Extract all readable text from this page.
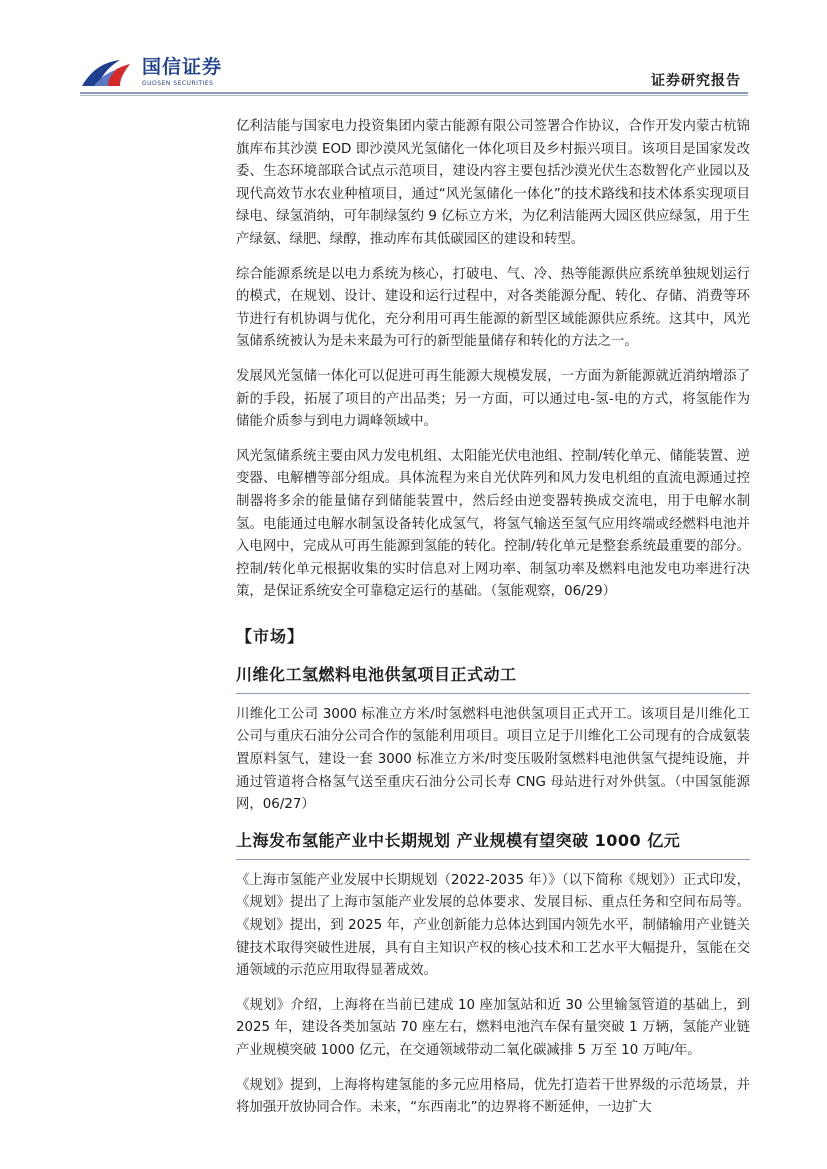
国信证券
GUOSEN SECURITIES	证券研究报告

亿利洁能与国家电力投资集团内蒙古能源有限公司签署合作协议，合作开发内蒙古杭锦旗库布其沙漠 EOD 即沙漠风光氢储化一体化项目及乡村振兴项目。该项目是国家发改委、生态环境部联合试点示范项目，建设内容主要包括沙漠光伏生态数智化产业园以及现代高效节水农业种植项目，通过“风光氢储化一体化”的技术路线和技术体系实现项目绿电、绿氢消纳，可年制绿氢约 9 亿标立方米，为亿利洁能两大园区供应绿氢，用于生产绿氨、绿肥、绿醇，推动库布其低碳园区的建设和转型。

综合能源系统是以电力系统为核心，打破电、气、冷、热等能源供应系统单独规划运行的模式，在规划、设计、建设和运行过程中，对各类能源分配、转化、存储、消费等环节进行有机协调与优化，充分利用可再生能源的新型区域能源供应系统。这其中，风光氢储系统被认为是未来最为可行的新型能量储存和转化的方法之一。

发展风光氢储一体化可以促进可再生能源大规模发展，一方面为新能源就近消纳增添了新的手段，拓展了项目的产出品类；另一方面，可以通过电-氢-电的方式，将氢能作为储能介质参与到电力调峰领域中。

风光氢储系统主要由风力发电机组、太阳能光伏电池组、控制/转化单元、储能装置、逆变器、电解槽等部分组成。具体流程为来自光伏阵列和风力发电机组的直流电源通过控制器将多余的能量储存到储能装置中，然后经由逆变器转换成交流电，用于电解水制氢。电能通过电解水制氢设备转化成氢气，将氢气输送至氢气应用终端或经燃料电池并入电网中，完成从可再生能源到氢能的转化。控制/转化单元是整套系统最重要的部分。控制/转化单元根据收集的实时信息对上网功率、制氢功率及燃料电池发电功率进行决策，是保证系统安全可靠稳定运行的基础。（氢能观察，06/29）

【市场】
川维化工氢燃料电池供氢项目正式动工

川维化工公司 3000 标准立方米/时氢燃料电池供氢项目正式开工。该项目是川维化工公司与重庆石油分公司合作的氢能利用项目。项目立足于川维化工公司现有的合成氨装置原料氢气，建设一套 3000 标准立方米/时变压吸附氢燃料电池供氢气提纯设施，并通过管道将合格氢气送至重庆石油分公司长寿 CNG 母站进行对外供氢。（中国氢能源网，06/27）

上海发布氢能产业中长期规划 产业规模有望突破 1000 亿元

《上海市氢能产业发展中长期规划（2022-2035 年）》（以下简称《规划》）正式印发，《规划》提出了上海市氢能产业发展的总体要求、发展目标、重点任务和空间布局等。《规划》提出，到 2025 年，产业创新能力总体达到国内领先水平，制储输用产业链关键技术取得突破性进展，具有自主知识产权的核心技术和工艺水平大幅提升，氢能在交通领域的示范应用取得显著成效。

《规划》介绍，上海将在当前已建成 10 座加氢站和近 30 公里输氢管道的基础上，到 2025 年，建设各类加氢站 70 座左右，燃料电池汽车保有量突破 1 万辆，氢能产业链产业规模突破 1000 亿元，在交通领域带动二氧化碳减排 5 万至 10 万吨/年。

《规划》提到，上海将构建氢能的多元应用格局，优先打造若干世界级的示范场景，并将加强开放协同合作。未来，“东西南北”的边界将不断延伸，一边扩大
